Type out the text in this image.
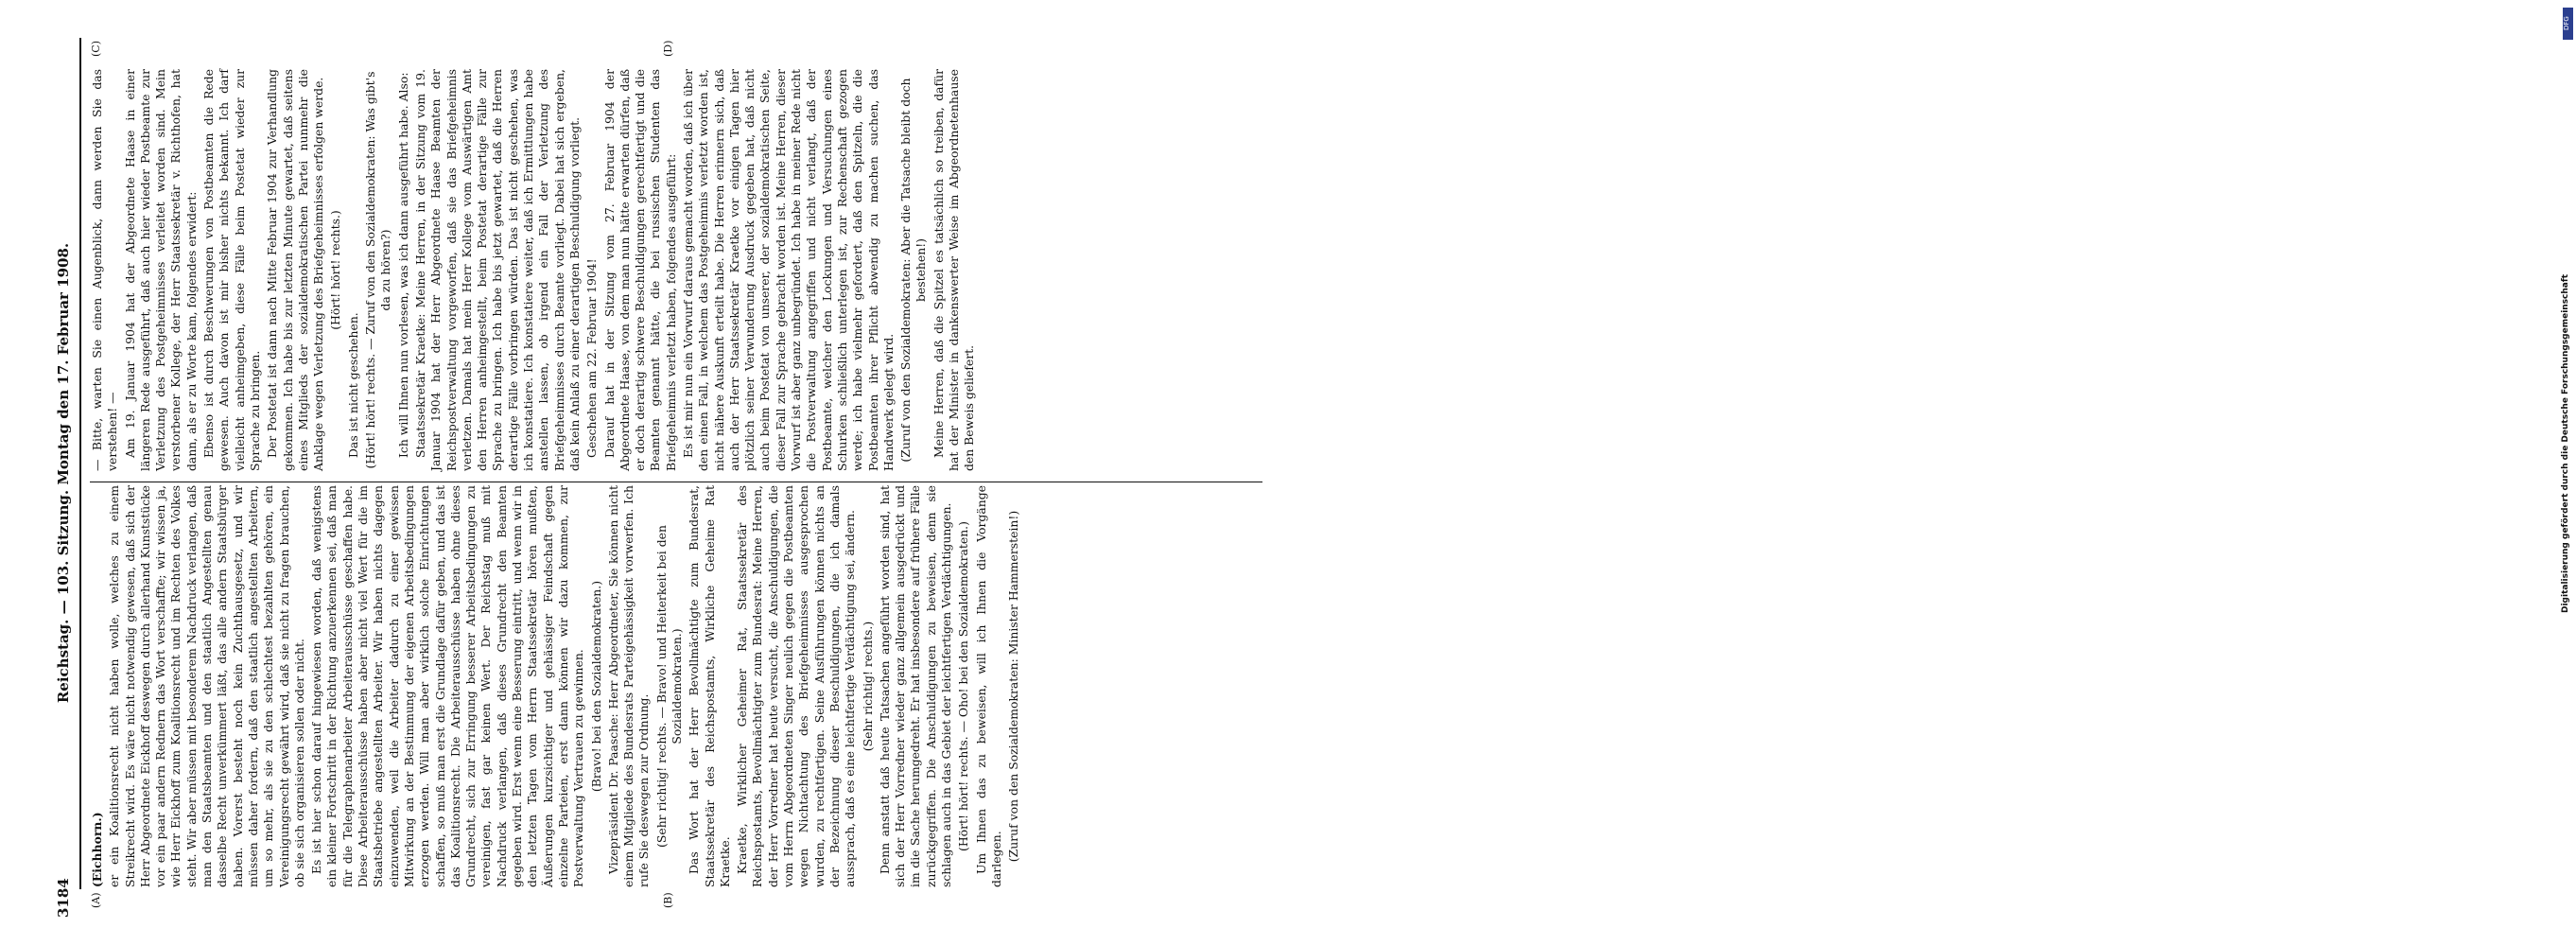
3184
Reichstag. — 103. Sitzung. Montag den 17. Februar 1908.
(A)	(B)
(C)	(D)

(Eichhorn.) er ein Koalitionsrecht nicht haben wolle, welches zu einem Streikrecht wird. Es wäre nicht notwendig gewesen, daß sich der Herr Abgeordnete Eickhoff deswegen durch allerhand Kunststücke vor ein paar andern Rednern das Wort verschaffte; wir wissen ja, wie Herr Eickhoff zum Koalitionsrecht und im Rechten des Volkes steht. Wir aber müssen mit besonderem Nachdruck verlangen, daß man den Staatsbeamten und den staatlich Angestellten genau dasselbe Recht unverkümmert läßt, das alle andern Staatsbürger haben. Vorerst besteht noch kein Zuchthausgesetz, und wir müssen daher fordern, daß den staatlich angestellten Arbeitern, um so mehr, als sie zu den schlechtest bezahlten gehören, ein Vereinigungsrecht gewährt wird, daß sie nicht zu fragen brauchen, ob sie sich organisieren sollen oder nicht. Es ist hier schon darauf hingewiesen worden, daß wenigstens ein kleiner Fortschritt in der Richtung anzuerkennen sei, daß man für die Telegraphenarbeiter Arbeiterausschüsse geschaffen habe. Diese Arbeiterausschüsse haben aber nicht viel Wert für die im Staatsbetriebe angestellten Arbeiter. Wir haben nichts dagegen einzuwenden, weil die Arbeiter dadurch zu einer gewissen Mitwirkung an der Bestimmung der eigenen Arbeitsbedingungen erzogen werden. Will man aber wirklich solche Einrichtungen schaffen, so muß man erst die Grundlage dafür geben, und das ist das Koalitionsrecht. Die Arbeiterausschüsse haben ohne dieses Grundrecht, sich zur Erringung besserer Arbeitsbedingungen zu vereinigen, fast gar keinen Wert. Der Reichstag muß mit Nachdruck verlangen, daß dieses Grundrecht den Beamten gegeben wird. Erst wenn eine Besserung eintritt, und wenn wir in den letzten Tagen vom Herrn Staatssekretär hören mußten, Äußerungen kurzsichtiger und gehässiger Feindschaft gegen einzelne Parteien, erst dann können wir dazu kommen, zur Postverwaltung Vertrauen zu gewinnen. (Bravo! bei den Sozialdemokraten.) Vizepräsident Dr. Paasche: Herr Abgeordneter, Sie können nicht einem Mitgliede des Bundesrats Parteigehässigkeit vorwerfen. Ich rufe Sie deswegen zur Ordnung. (Sehr richtig! rechts. — Bravo! und Heiterkeit bei den Sozialdemokraten.) Das Wort hat der Herr Bevollmächtigte zum Bundesrat, Staatssekretär des Reichspostamts, Wirkliche Geheime Rat Kraetke. Kraetke, Wirklicher Geheimer Rat, Staatssekretär des Reichspostamts, Bevollmächtigter zum Bundesrat: Meine Herren, der Herr Vorredner hat heute versucht, die Anschuldigungen, die vom Herrn Abgeordneten Singer neulich gegen die Postbeamten wegen Nichtachtung des Briefgeheimnisses ausgesprochen wurden, zu rechtfertigen. Seine Ausführungen können nichts an der Bezeichnung dieser Beschuldigungen, die ich damals aussprach, daß es eine leichtfertige Verdächtigung sei, ändern. (Sehr richtig! rechts.) Denn anstatt daß heute Tatsachen angeführt worden sind, hat sich der Herr Vorredner wieder ganz allgemein ausgedrückt und im die Sache herumgedreht. Er hat insbesondere auf frühere Fälle zurückgegriffen. Die Anschuldigungen zu beweisen, denn sie schlagen auch in das Gebiet der leichtfertigen Verdächtigungen. (Hört! hört! rechts. — Oho! bei den Sozialdemokraten.) Um Ihnen das zu beweisen, will ich Ihnen die Vorgänge darlegen. (Zuruf von den Sozialdemokraten: Minister Hammerstein!)

— Bitte, warten Sie einen Augenblick, dann werden Sie das verstehen! — Am 19. Januar 1904 hat der Abgeordnete Haase in einer längeren Rede ausgeführt, daß auch hier wieder Postbeamte zur Verletzung des Postgeheimnisses verleitet worden sind. Mein verstorbener Kollege, der Herr Staatssekretär v. Richthofen, hat dann, als er zu Worte kam, folgendes erwidert: Ebenso ist durch Beschwerungen von Postbeamten die Rede gewesen. Auch davon ist mir bisher nichts bekannt. Ich darf vielleicht anheimgeben, diese Fälle beim Postetat wieder zur Sprache zu bringen. Der Postetat ist dann nach Mitte Februar 1904 zur Verhandlung gekommen. Ich habe bis zur letzten Minute gewartet, daß seitens eines Mitglieds der sozialdemokratischen Partei nunmehr die Anklage wegen Verletzung des Briefgeheimnisses erfolgen werde. (Hört! hört! rechts.)

Das ist nicht geschehen. (Hört! hört! rechts. — Zuruf von den Sozialdemokraten: Was gibt's da zu hören?) Ich will Ihnen nun vorlesen, was ich dann ausgeführt habe. Also: Staatssekretär Kraetke: Meine Herren, in der Sitzung vom 19. Januar 1904 hat der Herr Abgeordnete Haase Beamten der Reichspostverwaltung vorgeworfen, daß sie das Briefgeheimnis verletzen. Damals hat mein Herr Kollege vom Auswärtigen Amt den Herren anheimgestellt, beim Postetat derartige Fälle zur Sprache zu bringen. Ich habe bis jetzt gewartet, daß die Herren derartige Fälle vorbringen würden. Das ist nicht geschehen, was ich konstatiere. Ich konstatiere weiter, daß ich Ermittlungen habe anstellen lassen, ob irgend ein Fall der Verletzung des Briefgeheimnisses durch Beamte vorliegt. Dabei hat sich ergeben, daß kein Anlaß zu einer derartigen Beschuldigung vorliegt. Geschehen am 22. Februar 1904! Darauf hat in der Sitzung vom 27. Februar 1904 der Abgeordnete Haase, von dem man nun hätte erwarten dürfen, daß er doch derartig schwere Beschuldigungen gerechtfertigt und die Beamten genannt hätte, die bei russischen Studenten das Briefgeheimnis verletzt haben, folgendes ausgeführt: Es ist mir nun ein Vorwurf daraus gemacht worden, daß ich über den einen Fall, in welchem das Postgeheimnis verletzt worden ist, nicht nähere Auskunft erteilt habe. Die Herren erinnern sich, daß auch der Herr Staatssekretär Kraetke vor einigen Tagen hier plötzlich seiner Verwunderung Ausdruck gegeben hat, daß nicht auch beim Postetat von unserer, der sozialdemokratischen Seite, dieser Fall zur Sprache gebracht worden ist. Meine Herren, dieser Vorwurf ist aber ganz unbegründet. Ich habe in meiner Rede nicht die Postverwaltung angegriffen und nicht verlangt, daß der Postbeamte, welcher den Lockungen und Versuchungen eines Schurken schließlich unterlegen ist, zur Rechenschaft gezogen werde; ich habe vielmehr gefordert, daß den Spitzeln, die die Postbeamten ihrer Pflicht abwendig zu machen suchen, das Handwerk gelegt wird. (Zuruf von den Sozialdemokraten: Aber die Tatsache bleibt doch bestehen!) Meine Herren, daß die Spitzel es tatsächlich so treiben, dafür hat der Minister in dankenswerter Weise im Abgeordnetenhause den Beweis geliefert.

DFG
Digitalisierung gefördert durch die Deutsche Forschungsgemeinschaft
